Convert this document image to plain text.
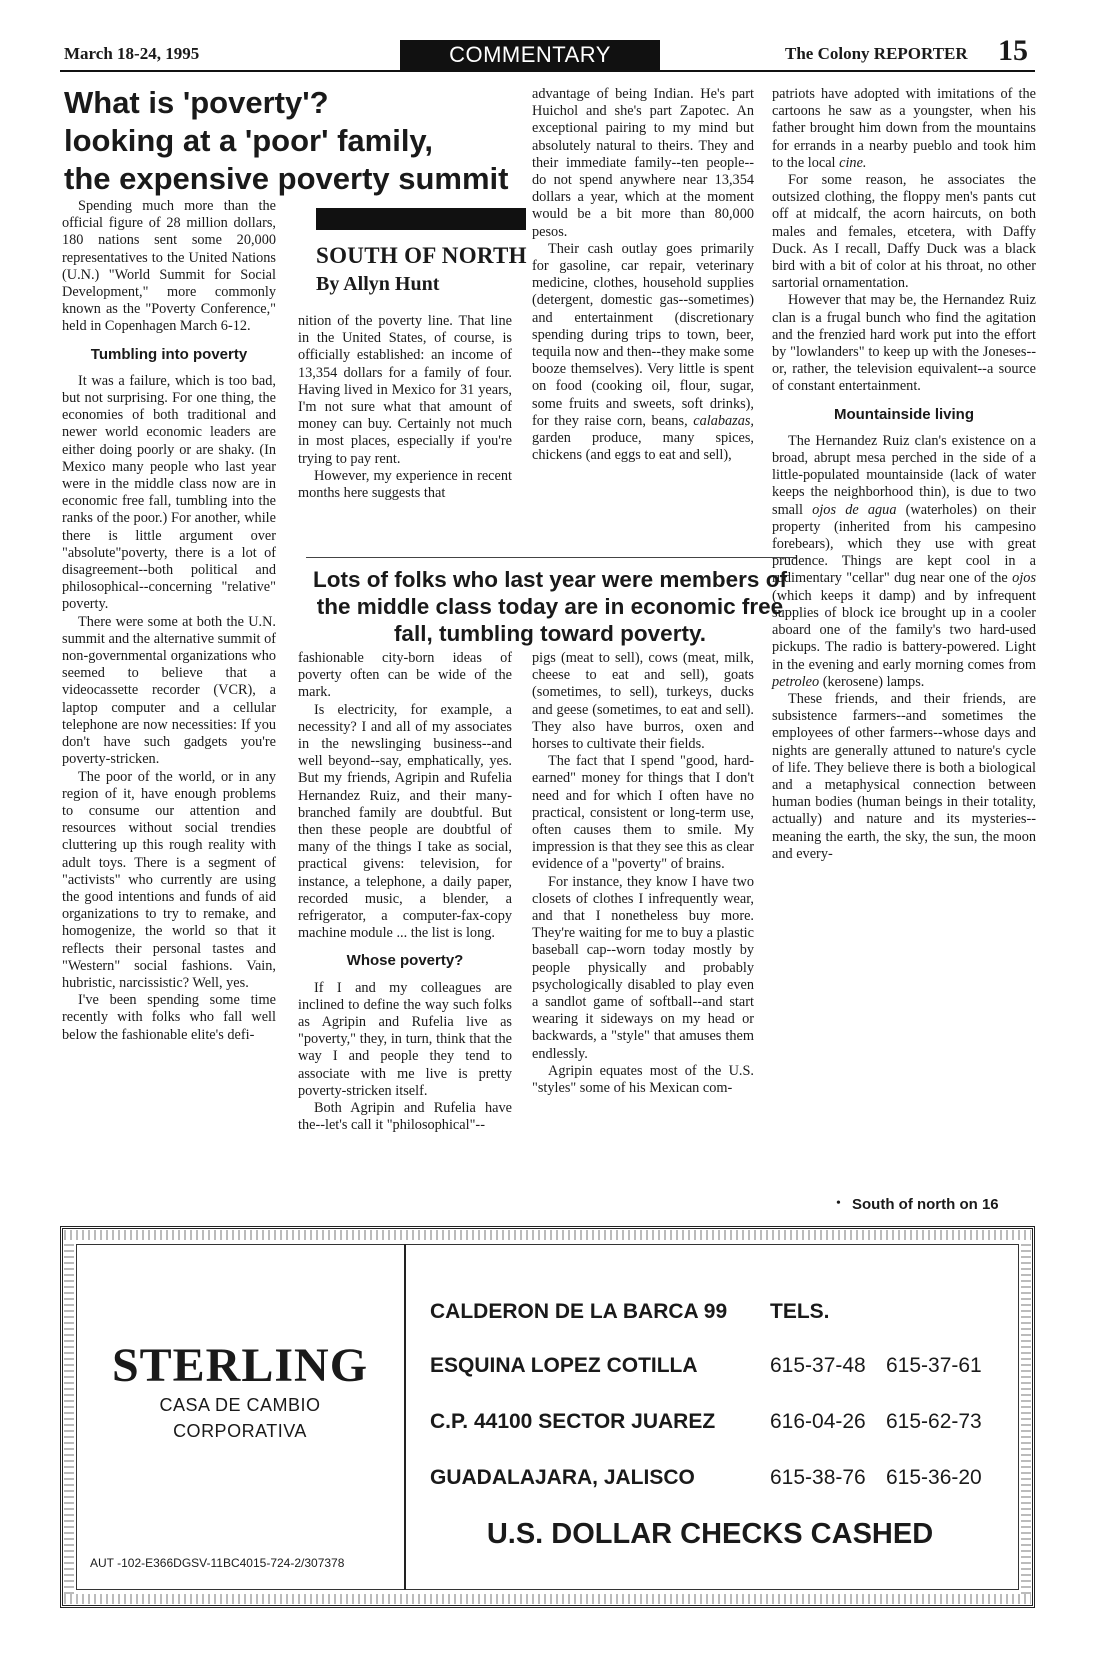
March 18-24, 1995	COMMENTARY	The Colony REPORTER 15
What is 'poverty'?
looking at a 'poor' family,
the expensive poverty summit
SOUTH OF NORTH
By Allyn Hunt

Spending much more than the official figure of 28 million dollars, 180 nations sent some 20,000 representatives to the United Nations (U.N.) "World Summit for Social Development," more commonly known as the "Poverty Conference," held in Copenhagen March 6-12.

Tumbling into poverty

It was a failure, which is too bad, but not surprising. For one thing, the economies of both traditional and newer world economic leaders are either doing poorly or are shaky. (In Mexico many people who last year were in the middle class now are in economic free fall, tumbling into the ranks of the poor.) For another, while there is little argument over "absolute"poverty, there is a lot of disagreement--both political and philosophical--concerning "relative" poverty.

There were some at both the U.N. summit and the alternative summit of non-governmental organizations who seemed to believe that a videocassette recorder (VCR), a laptop computer and a cellular telephone are now necessities: If you don't have such gadgets you're poverty-stricken.

The poor of the world, or in any region of it, have enough problems to consume our attention and resources without social trendies cluttering up this rough reality with adult toys. There is a segment of "activists" who currently are using the good intentions and funds of aid organizations to try to remake, and homogenize, the world so that it reflects their personal tastes and "Western" social fashions. Vain, hubristic, narcissistic? Well, yes.

I've been spending some time recently with folks who fall well below the fashionable elite's defi-

nition of the poverty line. That line in the United States, of course, is officially established: an income of 13,354 dollars for a family of four. Having lived in Mexico for 31 years, I'm not sure what that amount of money can buy. Certainly not much in most places, especially if you're trying to pay rent.

However, my experience in recent months here suggests that

Lots of folks who last year were members of the middle class today are in economic free fall, tumbling toward poverty.

fashionable city-born ideas of poverty often can be wide of the mark.

Is electricity, for example, a necessity? I and all of my associates in the newslinging business--and well beyond--say, emphatically, yes. But my friends, Agripin and Rufelia Hernandez Ruiz, and their many-branched family are doubtful. But then these people are doubtful of many of the things I take as social, practical givens: television, for instance, a telephone, a daily paper, recorded music, a blender, a refrigerator, a computer-fax-copy machine module ... the list is long.

Whose poverty?

If I and my colleagues are inclined to define the way such folks as Agripin and Rufelia live as "poverty," they, in turn, think that the way I and people they tend to associate with me live is pretty poverty-stricken itself.

Both Agripin and Rufelia have the--let's call it "philosophical"--

advantage of being Indian. He's part Huichol and she's part Zapotec. An exceptional pairing to my mind but absolutely natural to theirs. They and their immediate family--ten people--do not spend anywhere near 13,354 dollars a year, which at the moment would be a bit more than 80,000 pesos.

Their cash outlay goes primarily for gasoline, car repair, veterinary medicine, clothes, household supplies (detergent, domestic gas--sometimes) and entertainment (discretionary spending during trips to town, beer, tequila now and then--they make some booze themselves). Very little is spent on food (cooking oil, flour, sugar, some fruits and sweets, soft drinks), for they raise corn, beans, calabazas, garden produce, many spices, chickens (and eggs to eat and sell),

pigs (meat to sell), cows (meat, milk, cheese to eat and sell), goats (sometimes, to sell), turkeys, ducks and geese (sometimes, to eat and sell). They also have burros, oxen and horses to cultivate their fields.

The fact that I spend "good, hard-earned" money for things that I don't need and for which I often have no practical, consistent or long-term use, often causes them to smile. My impression is that they see this as clear evidence of a "poverty" of brains.

For instance, they know I have two closets of clothes I infrequently wear, and that I nonetheless buy more. They're waiting for me to buy a plastic baseball cap--worn today mostly by people physically and probably psychologically disabled to play even a sandlot game of softball--and start wearing it sideways on my head or backwards, a "style" that amuses them endlessly.

Agripin equates most of the U.S. "styles" some of his Mexican com-

patriots have adopted with imitations of the cartoons he saw as a youngster, when his father brought him down from the mountains for errands in a nearby pueblo and took him to the local cine.

For some reason, he associates the outsized clothing, the floppy men's pants cut off at midcalf, the acorn haircuts, on both males and females, etcetera, with Daffy Duck. As I recall, Daffy Duck was a black bird with a bit of color at his throat, no other sartorial ornamentation.

However that may be, the Hernandez Ruiz clan is a frugal bunch who find the agitation and the frenzied hard work put into the effort by "lowlanders" to keep up with the Joneses--or, rather, the television equivalent--a source of constant entertainment.

Mountainside living

The Hernandez Ruiz clan's existence on a broad, abrupt mesa perched in the side of a little-populated mountainside (lack of water keeps the neighborhood thin), is due to two small ojos de agua (waterholes) on their property (inherited from his campesino forebears), which they use with great prudence. Things are kept cool in a rudimentary "cellar" dug near one of the ojos (which keeps it damp) and by infrequent supplies of block ice brought up in a cooler aboard one of the family's two hard-used pickups. The radio is battery-powered. Light in the evening and early morning comes from petroleo (kerosene) lamps.

These friends, and their friends, are subsistence farmers--and sometimes the employees of other farmers--whose days and nights are generally attuned to nature's cycle of life. They believe there is both a biological and a metaphysical connection between human bodies (human beings in their totality, actually) and nature and its mysteries--meaning the earth, the sky, the sun, the moon and every-

• South of north on 16
STERLING
CASA DE CAMBIO
CORPORATIVA
AUT -102-E366DGSV-11BC4015-724-2/307378
CALDERON DE LA BARCA 99
ESQUINA LOPEZ COTILLA
C.P. 44100 SECTOR JUAREZ
GUADALAJARA, JALISCO
TELS.
615-37-48 615-37-61
616-04-26 615-62-73
615-38-76 615-36-20
U.S. DOLLAR CHECKS CASHED
